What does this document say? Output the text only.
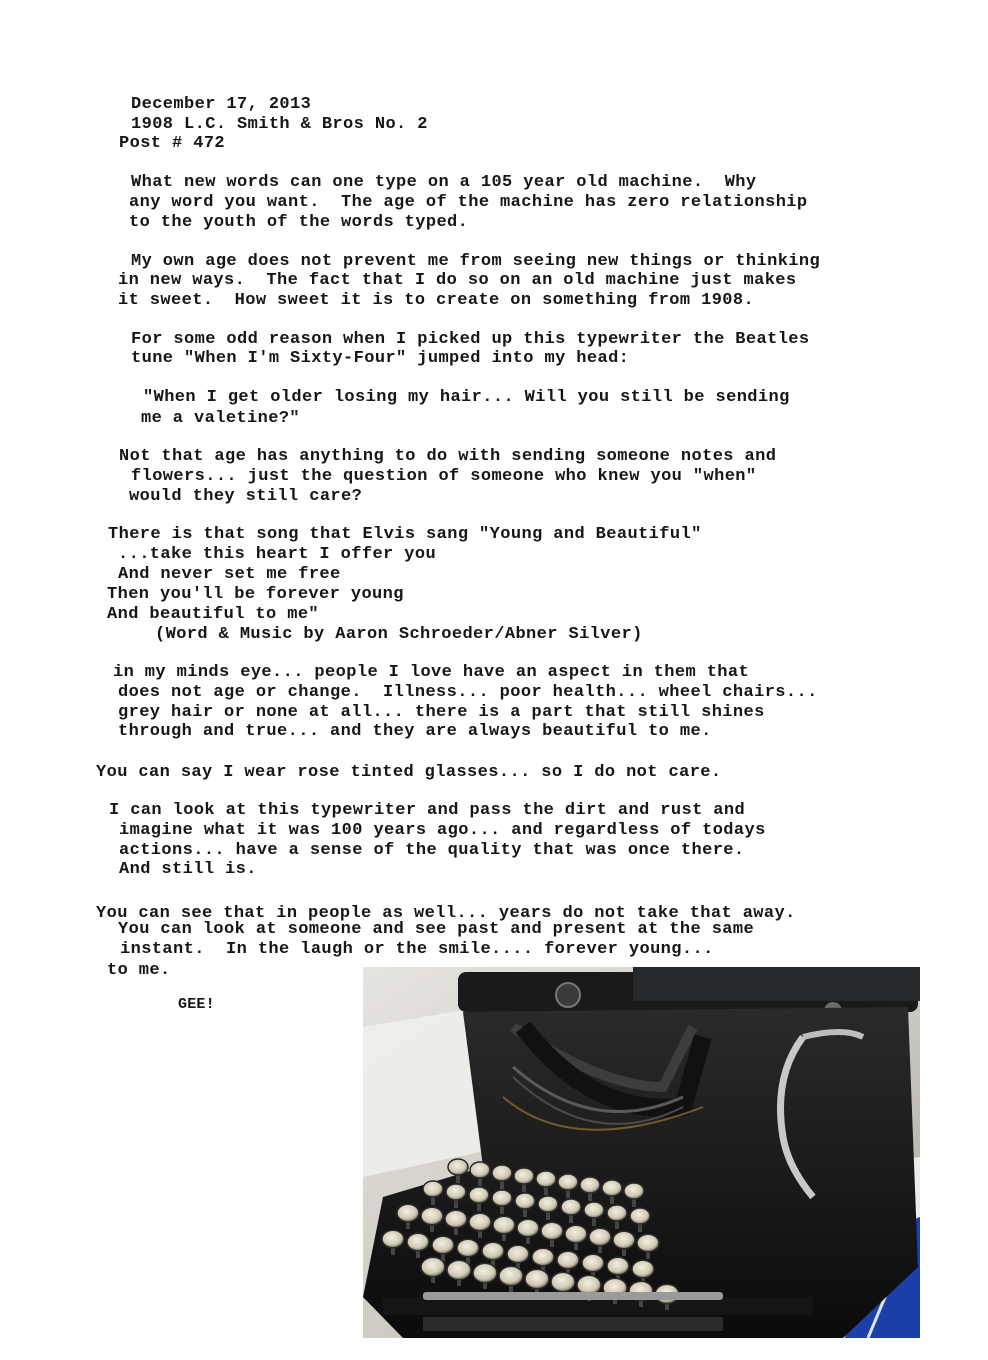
December 17, 2013
1908 L.C. Smith & Bros No. 2
Post # 472
What new words can one type on a 105 year old machine.  Why
any word you want.  The age of the machine has zero relationship
to the youth of the words typed.
My own age does not prevent me from seeing new things or thinking
in new ways.  The fact that I do so on an old machine just makes
it sweet.  How sweet it is to create on something from 1908.
For some odd reason when I picked up this typewriter the Beatles
tune "When I'm Sixty-Four" jumped into my head:
"When I get older losing my hair... Will you still be sending
me a valetine?"
Not that age has anything to do with sending someone notes and
flowers... just the question of someone who knew you "when"
would they still care?
There is that song that Elvis sang "Young and Beautiful"
...take this heart I offer you
And never set me free
Then you'll be forever young
And beautiful to me"
(Word & Music by Aaron Schroeder/Abner Silver)
in my minds eye... people I love have an aspect in them that
does not age or change.  Illness... poor health... wheel chairs...
grey hair or none at all... there is a part that still shines
through and true... and they are always beautiful to me.
You can say I wear rose tinted glasses... so I do not care.
I can look at this typewriter and pass the dirt and rust and
imagine what it was 100 years ago... and regardless of todays
actions... have a sense of the quality that was once there.
And still is.
You can see that in people as well... years do not take that away.
You can look at someone and see past and present at the same
instant.  In the laugh or the smile.... forever young...
to me.
GEE!
